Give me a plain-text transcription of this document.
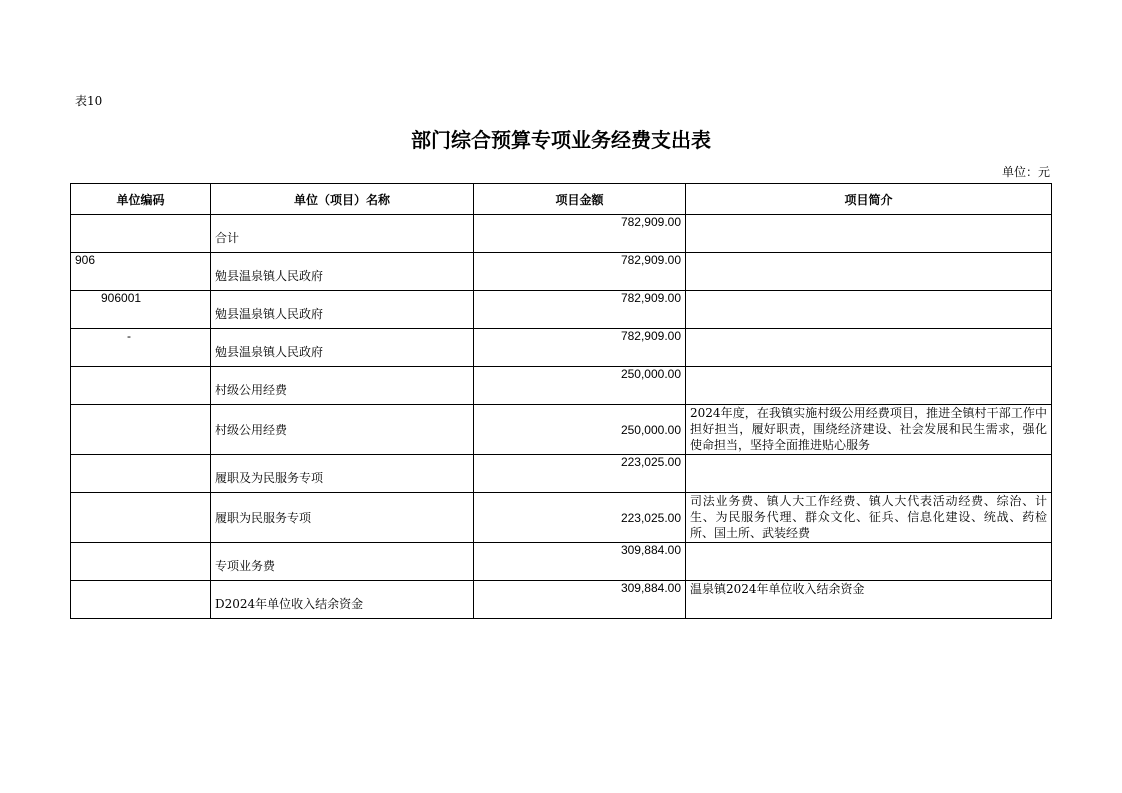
表10
部门综合预算专项业务经费支出表
单位：元
单位编码	单位（项目）名称	项目金额	项目简介
	合计	782,909.00	
906	勉县温泉镇人民政府	782,909.00	
906001	勉县温泉镇人民政府	782,909.00	
-	勉县温泉镇人民政府	782,909.00	
	村级公用经费	250,000.00	
	村级公用经费	250,000.00	2024年度，在我镇实施村级公用经费项目，推进全镇村干部工作中担好担当，履好职责，围绕经济建设、社会发展和民生需求，强化使命担当，坚持全面推进贴心服务
	履职及为民服务专项	223,025.00	
	履职为民服务专项	223,025.00	司法业务费、镇人大工作经费、镇人大代表活动经费、综治、计生、为民服务代理、群众文化、征兵、信息化建设、统战、药检所、国土所、武装经费
	专项业务费	309,884.00	
	D2024年单位收入结余资金	309,884.00	温泉镇2024年单位收入结余资金
